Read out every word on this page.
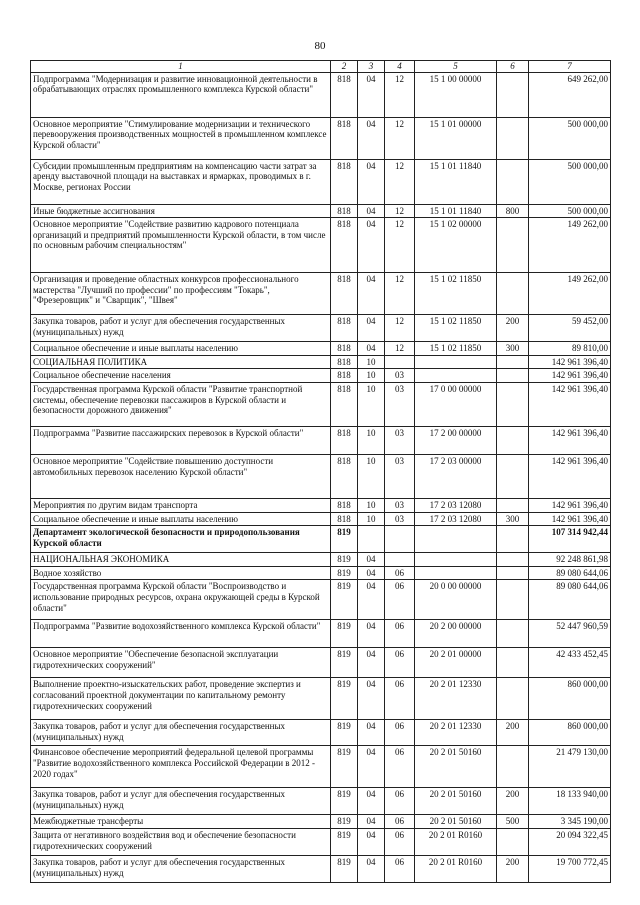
80
1	2	3	4	5	6	7
Подпрограмма "Модернизация и развитие инновационной деятельности в обрабатывающих отраслях промышленного комплекса Курской области"	818	04	12	15 1 00 00000		649 262,00
Основное мероприятие "Стимулирование модернизации и технического перевооружения производственных мощностей в промышленном комплексе Курской области"	818	04	12	15 1 01 00000		500 000,00
Субсидии промышленным предприятиям на компенсацию части затрат за аренду выставочной площади на выставках и ярмарках, проводимых в г. Москве, регионах России	818	04	12	15 1 01 11840		500 000,00
Иные бюджетные ассигнования	818	04	12	15 1 01 11840	800	500 000,00
Основное мероприятие "Содействие развитию кадрового потенциала организаций и предприятий промышленности Курской области, в том числе по основным рабочим специальностям"	818	04	12	15 1 02 00000		149 262,00
Организация и проведение областных конкурсов профессионального мастерства "Лучший по профессии" по профессиям "Токарь", "Фрезеровщик" и "Сварщик", "Швея"	818	04	12	15 1 02 11850		149 262,00
Закупка товаров, работ и услуг для обеспечения государственных (муниципальных) нужд	818	04	12	15 1 02 11850	200	59 452,00
Социальное обеспечение и иные выплаты населению	818	04	12	15 1 02 11850	300	89 810,00
СОЦИАЛЬНАЯ ПОЛИТИКА	818	10				142 961 396,40
Социальное обеспечение населения	818	10	03			142 961 396,40
Государственная программа Курской области "Развитие транспортной системы, обеспечение перевозки пассажиров в Курской области и безопасности дорожного движения"	818	10	03	17 0 00 00000		142 961 396,40
Подпрограмма "Развитие пассажирских перевозок в Курской области"	818	10	03	17 2 00 00000		142 961 396,40
Основное мероприятие "Содействие повышению доступности автомобильных перевозок населению Курской области"	818	10	03	17 2 03 00000		142 961 396,40
Мероприятия по другим видам транспорта	818	10	03	17 2 03 12080		142 961 396,40
Социальное обеспечение и иные выплаты населению	818	10	03	17 2 03 12080	300	142 961 396,40
Департамент экологической безопасности и природопользования Курской области	819					107 314 942,44
НАЦИОНАЛЬНАЯ ЭКОНОМИКА	819	04				92 248 861,98
Водное хозяйство	819	04	06			89 080 644,06
Государственная программа Курской области "Воспроизводство и использование природных ресурсов, охрана окружающей среды в Курской области"	819	04	06	20 0 00 00000		89 080 644,06
Подпрограмма "Развитие водохозяйственного комплекса Курской области"	819	04	06	20 2 00 00000		52 447 960,59
Основное мероприятие "Обеспечение безопасной эксплуатации гидротехнических сооружений"	819	04	06	20 2 01 00000		42 433 452,45
Выполнение проектно-изыскательских работ, проведение экспертиз и согласований проектной документации по капитальному ремонту гидротехнических сооружений	819	04	06	20 2 01 12330		860 000,00
Закупка товаров, работ и услуг для обеспечения государственных (муниципальных) нужд	819	04	06	20 2 01 12330	200	860 000,00
Финансовое обеспечение мероприятий федеральной целевой программы "Развитие водохозяйственного комплекса Российской Федерации в 2012 - 2020 годах"	819	04	06	20 2 01 50160		21 479 130,00
Закупка товаров, работ и услуг для обеспечения государственных (муниципальных) нужд	819	04	06	20 2 01 50160	200	18 133 940,00
Межбюджетные трансферты	819	04	06	20 2 01 50160	500	3 345 190,00
Защита от негативного воздействия вод и обеспечение безопасности гидротехнических сооружений	819	04	06	20 2 01 R0160		20 094 322,45
Закупка товаров, работ и услуг для обеспечения государственных (муниципальных) нужд	819	04	06	20 2 01 R0160	200	19 700 772,45
